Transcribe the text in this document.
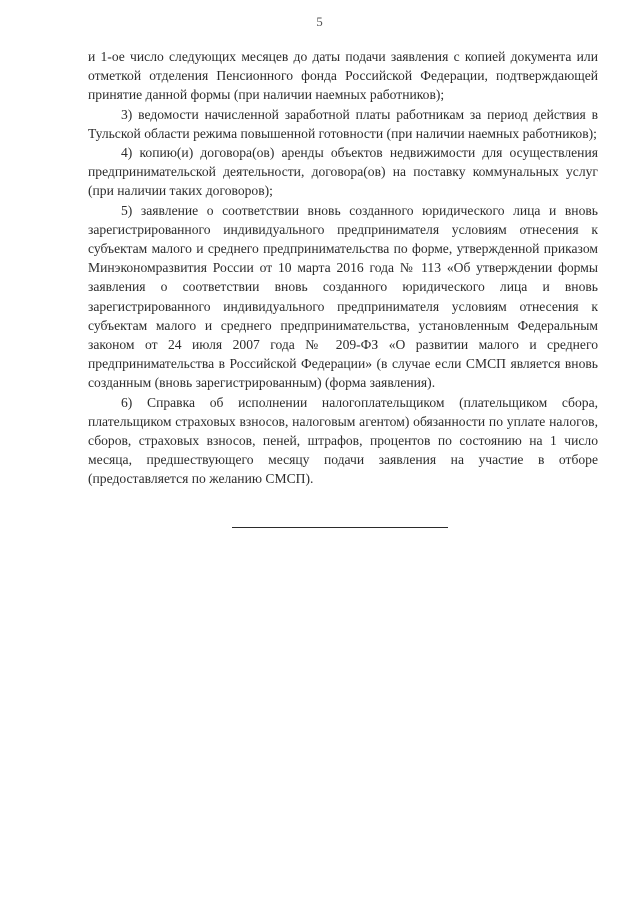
5

и 1-ое число следующих месяцев до даты подачи заявления с копией документа или отметкой отделения Пенсионного фонда Российской Федерации, подтверждающей принятие данной формы (при наличии наемных работников);

3) ведомости начисленной заработной платы работникам за период действия в Тульской области режима повышенной готовности (при наличии наемных работников);

4) копию(и) договора(ов) аренды объектов недвижимости для осуществления предпринимательской деятельности, договора(ов) на поставку коммунальных услуг (при наличии таких договоров);

5) заявление о соответствии вновь созданного юридического лица и вновь зарегистрированного индивидуального предпринимателя условиям отнесения к субъектам малого и среднего предпринимательства по форме, утвержденной приказом Минэкономразвития России от 10 марта 2016 года № 113 «Об утверждении формы заявления о соответствии вновь созданного юридического лица и вновь зарегистрированного индивидуального предпринимателя условиям отнесения к субъектам малого и среднего предпринимательства, установленным Федеральным законом от 24 июля 2007 года № 209-ФЗ «О развитии малого и среднего предпринимательства в Российской Федерации» (в случае если СМСП является вновь созданным (вновь зарегистрированным) (форма заявления).

6) Справка об исполнении налогоплательщиком (плательщиком сбора, плательщиком страховых взносов, налоговым агентом) обязанности по уплате налогов, сборов, страховых взносов, пеней, штрафов, процентов по состоянию на 1 число месяца, предшествующего месяцу подачи заявления на участие в отборе (предоставляется по желанию СМСП).
